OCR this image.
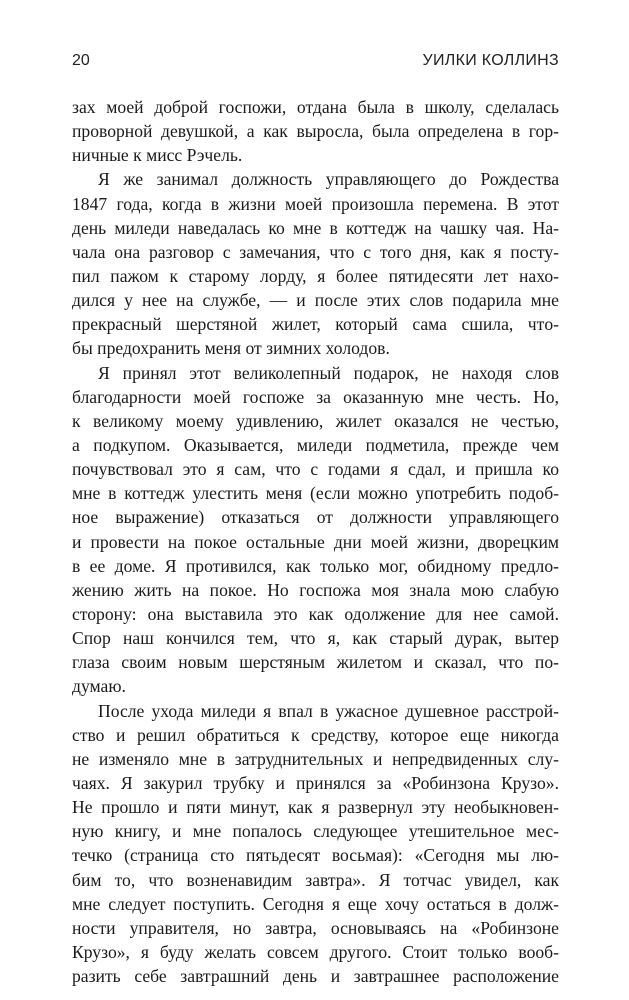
20	УИЛКИ КОЛЛИНЗ
зах моей доброй госпожи, отдана была в школу, сделалась
проворной девушкой, а как выросла, была определена в гор-
ничные к мисс Рэчель.
Я же занимал должность управляющего до Рождества
1847 года, когда в жизни моей произошла перемена. В этот
день миледи наведалась ко мне в коттедж на чашку чая. На-
чала она разговор с замечания, что с того дня, как я посту-
пил пажом к старому лорду, я более пятидесяти лет нахо-
дился у нее на службе, — и после этих слов подарила мне
прекрасный шерстяной жилет, который сама сшила, чтo-
бы предохранить меня от зимних холодов.
Я принял этот великолепный подарок, не находя слов
благодарности моей госпоже за оказанную мне честь. Но,
к великому моему удивлению, жилет оказался не честью,
а подкупом. Оказывается, миледи подметила, прежде чем
почувствовал это я сам, что с годами я сдал, и пришла ко
мне в коттедж улестить меня (если можно употребить подоб-
ное выражение) отказаться от должности управляющего
и провести на покое остальные дни моей жизни, дворецким
в ее доме. Я противился, как только мог, обидному предло-
жению жить на покое. Но госпожа моя знала мою слабую
сторону: она выставила это как одолжение для нее самой.
Спор наш кончился тем, что я, как старый дурак, вытер
глаза своим новым шерстяным жилетом и сказал, что по-
думаю.
После ухода миледи я впал в ужасное душевное расстрой-
ство и решил обратиться к средству, которое еще никогда
не изменяло мне в затруднительных и непредвиденных слу-
чаях. Я закурил трубку и принялся за «Робинзона Крузо».
Не прошло и пяти минут, как я развернул эту необыкновен-
ную книгу, и мне попалось следующее утешительное мес-
течко (страница сто пятьдесят восьмая): «Сегодня мы лю-
бим то, что возненавидим завтра». Я тотчас увидел, как
мне следует поступить. Сегодня я еще хочу остаться в долж-
ности управителя, но завтра, основываясь на «Робинзоне
Крузо», я буду желать совсем другого. Стоит только вооб-
разить себе завтрашний день и завтрашнее расположение
